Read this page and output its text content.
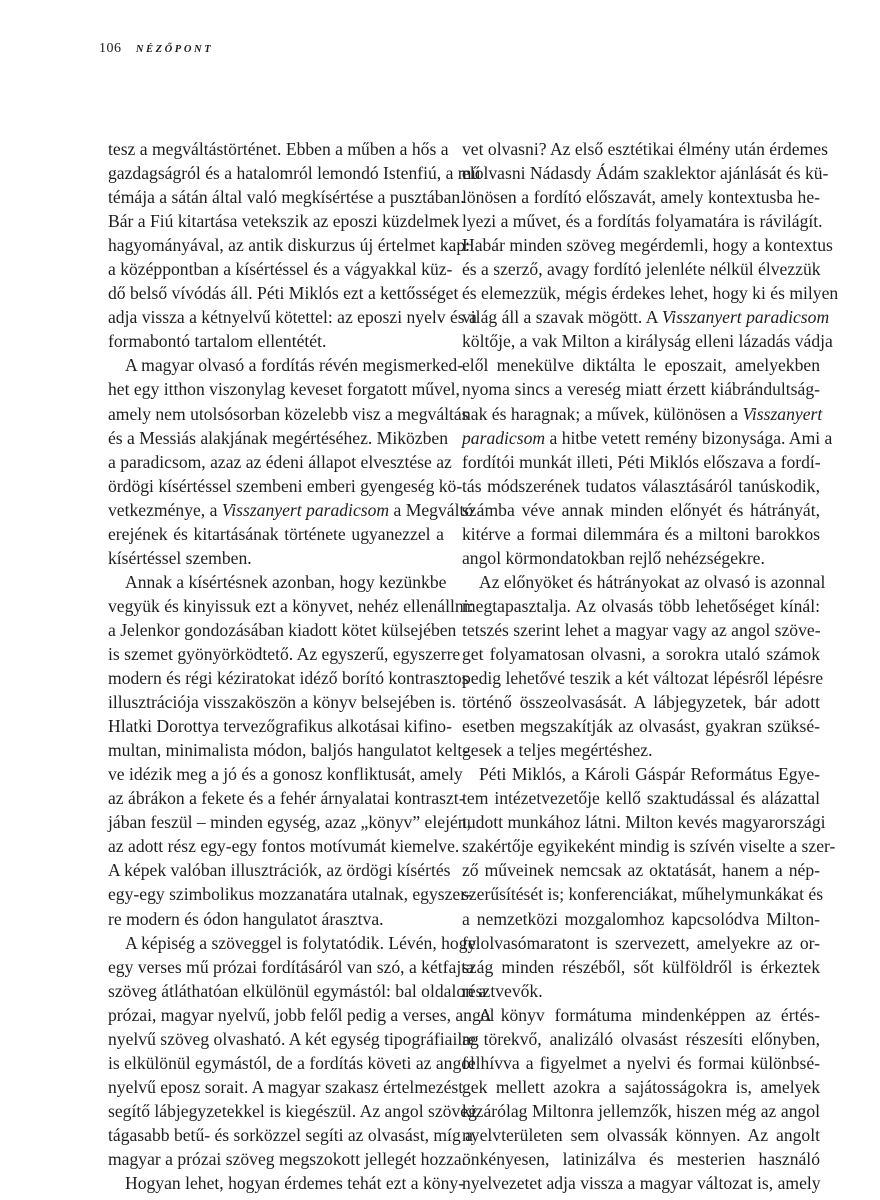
106 NÉZŐPONT
tesz a megváltástörténet. Ebben a műben a hős a
gazdagságról és a hatalomról lemondó Istenfiú, a mű
témája a sátán által való megkísértése a pusztában.
Bár a Fiú kitartása vetekszik az eposzi küzdelmek
hagyományával, az antik diskurzus új értelmet kap:
a középpontban a kísértéssel és a vágyakkal küz-
dő belső vívódás áll. Péti Miklós ezt a kettősséget
adja vissza a kétnyelvű kötettel: az eposzi nyelv és a
formabontó tartalom ellentétét.
A magyar olvasó a fordítás révén megismerked-
het egy itthon viszonylag keveset forgatott művel,
amely nem utolsósorban közelebb visz a megváltás
és a Messiás alakjának megértéséhez. Miközben
a paradicsom, azaz az édeni állapot elvesztése az
ördögi kísértéssel szembeni emberi gyengeség kö-
vetkezménye, a Visszanyert paradicsom a Megváltó
erejének és kitartásának története ugyanezzel a
kísértéssel szemben.
Annak a kísértésnek azonban, hogy kezünkbe
vegyük és kinyissuk ezt a könyvet, nehéz ellenállni:
a Jelenkor gondozásában kiadott kötet külsejében
is szemet gyönyörködtető. Az egyszerű, egyszerre
modern és régi kéziratokat idéző borító kontrasztos
illusztrációja visszaköszön a könyv belsejében is.
Hlatki Dorottya tervezőgrafikus alkotásai kifino-
multan, minimalista módon, baljós hangulatot kelt-
ve idézik meg a jó és a gonosz konfliktusát, amely
az ábrákon a fekete és a fehér árnyalatai kontraszt-
jában feszül – minden egység, azaz „könyv” elején,
az adott rész egy-egy fontos motívumát kiemelve.
A képek valóban illusztrációk, az ördögi kísértés
egy-egy szimbolikus mozzanatára utalnak, egyszer-
re modern és ódon hangulatot árasztva.
A képiség a szöveggel is folytatódik. Lévén, hogy
egy verses mű prózai fordításáról van szó, a kétfajta
szöveg átláthatóan elkülönül egymástól: bal oldalon a
prózai, magyar nyelvű, jobb felől pedig a verses, angol
nyelvű szöveg olvasható. A két egység tipográfiailag
is elkülönül egymástól, de a fordítás követi az angol
nyelvű eposz sorait. A magyar szakasz értelmezést
segítő lábjegyzetekkel is kiegészül. Az angol szöveg
tágasabb betű- és sorközzel segíti az olvasást, míg a
magyar a prózai szöveg megszokott jellegét hozza.
Hogyan lehet, hogyan érdemes tehát ezt a köny-
vet olvasni? Az első esztétikai élmény után érdemes
elolvasni Nádasdy Ádám szaklektor ajánlását és kü-
lönösen a fordító előszavát, amely kontextusba he-
lyezi a művet, és a fordítás folyamatára is rávilágít.
Habár minden szöveg megérdemli, hogy a kontextus
és a szerző, avagy fordító jelenléte nélkül élvezzük
és elemezzük, mégis érdekes lehet, hogy ki és milyen
világ áll a szavak mögött. A Visszanyert paradicsom
költője, a vak Milton a királyság elleni lázadás vádja
elől menekülve diktálta le eposzait, amelyekben
nyoma sincs a vereség miatt érzett kiábrándultság-
nak és haragnak; a művek, különösen a Visszanyert
paradicsom a hitbe vetett remény bizonysága. Ami a
fordítói munkát illeti, Péti Miklós előszava a fordí-
tás módszerének tudatos választásáról tanúskodik,
számba véve annak minden előnyét és hátrányát,
kitérve a formai dilemmára és a miltoni barokkos
angol körmondatokban rejlő nehézségekre.
Az előnyöket és hátrányokat az olvasó is azonnal
megtapasztalja. Az olvasás több lehetőséget kínál:
tetszés szerint lehet a magyar vagy az angol szöve-
get folyamatosan olvasni, a sorokra utaló számok
pedig lehetővé teszik a két változat lépésről lépésre
történő összeolvasását. A lábjegyzetek, bár adott
esetben megszakítják az olvasást, gyakran szüksé-
gesek a teljes megértéshez.
Péti Miklós, a Károli Gáspár Református Egye-
tem intézetvezetője kellő szaktudással és alázattal
tudott munkához látni. Milton kevés magyarországi
szakértője egyikeként mindig is szívén viselte a szer-
ző műveinek nemcsak az oktatását, hanem a nép-
szerűsítését is; konferenciákat, műhelymunkákat és
a nemzetközi mozgalomhoz kapcsolódva Milton-
felolvasómaratont is szervezett, amelyekre az or-
szág minden részéből, sőt külföldről is érkeztek
résztvevők.
A könyv formátuma mindenképpen az értés-
re törekvő, analizáló olvasást részesíti előnyben,
felhívva a figyelmet a nyelvi és formai különbsé-
gek mellett azokra a sajátosságokra is, amelyek
kizárólag Miltonra jellemzők, hiszen még az angol
nyelvterületen sem olvassák könnyen. Az angolt
önkényesen, latinizálva és mesterien használó
nyelvezetet adja vissza a magyar változat is, amely
